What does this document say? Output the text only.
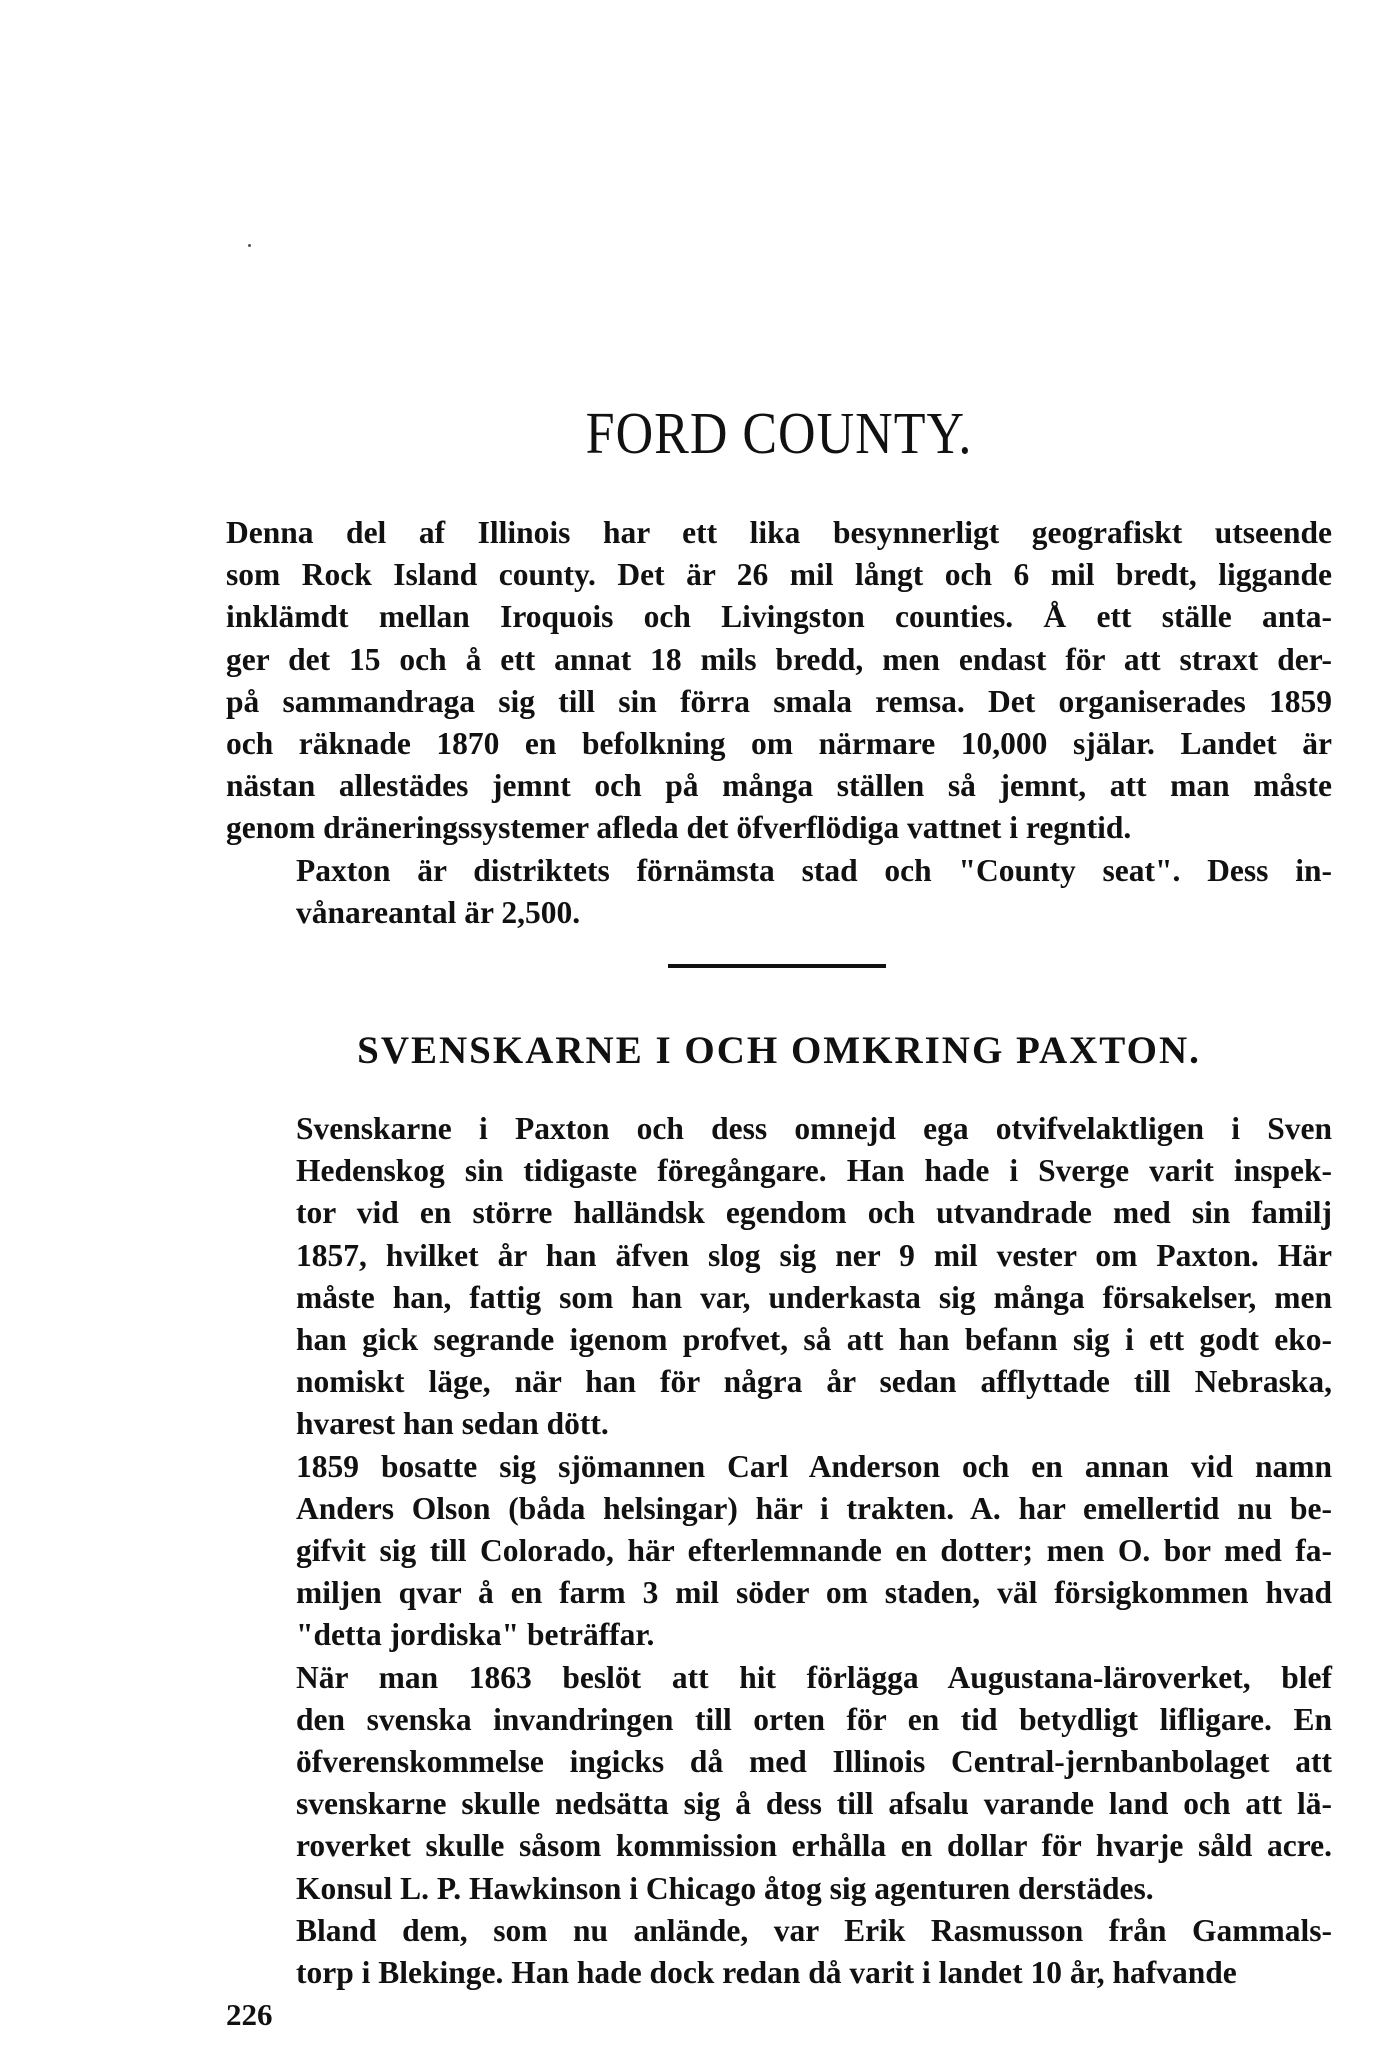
FORD COUNTY.

Denna del af Illinois har ett lika besynnerligt geografiskt utseende
som Rock Island county. Det är 26 mil långt och 6 mil bredt, liggande
inklämdt mellan Iroquois och Livingston counties. Å ett ställe anta-
ger det 15 och å ett annat 18 mils bredd, men endast för att straxt der-
på sammandraga sig till sin förra smala remsa. Det organiserades 1859
och räknade 1870 en befolkning om närmare 10,000 själar. Landet är
nästan allestädes jemnt och på många ställen så jemnt, att man måste
genom dräneringssystemer afleda det öfverflödiga vattnet i regntid.

Paxton är distriktets förnämsta stad och "County seat". Dess in-
vånareantal är 2,500.

SVENSKARNE I OCH OMKRING PAXTON.

Svenskarne i Paxton och dess omnejd ega otvifvelaktligen i Sven
Hedenskog sin tidigaste föregångare. Han hade i Sverge varit inspek-
tor vid en större halländsk egendom och utvandrade med sin familj
1857, hvilket år han äfven slog sig ner 9 mil vester om Paxton. Här
måste han, fattig som han var, underkasta sig många försakelser, men
han gick segrande igenom profvet, så att han befann sig i ett godt eko-
nomiskt läge, när han för några år sedan afflyttade till Nebraska,
hvarest han sedan dött.

1859 bosatte sig sjömannen Carl Anderson och en annan vid namn
Anders Olson (båda helsingar) här i trakten. A. har emellertid nu be-
gifvit sig till Colorado, här efterlemnande en dotter; men O. bor med fa-
miljen qvar å en farm 3 mil söder om staden, väl försigkommen hvad
"detta jordiska" beträffar.

När man 1863 beslöt att hit förlägga Augustana-läroverket, blef
den svenska invandringen till orten för en tid betydligt lifligare. En
öfverenskommelse ingicks då med Illinois Central-jernbanbolaget att
svenskarne skulle nedsätta sig å dess till afsalu varande land och att lä-
roverket skulle såsom kommission erhålla en dollar för hvarje såld acre.
Konsul L. P. Hawkinson i Chicago åtog sig agenturen derstädes.

Bland dem, som nu anlände, var Erik Rasmusson från Gammals-
torp i Blekinge. Han hade dock redan då varit i landet 10 år, hafvande

226
